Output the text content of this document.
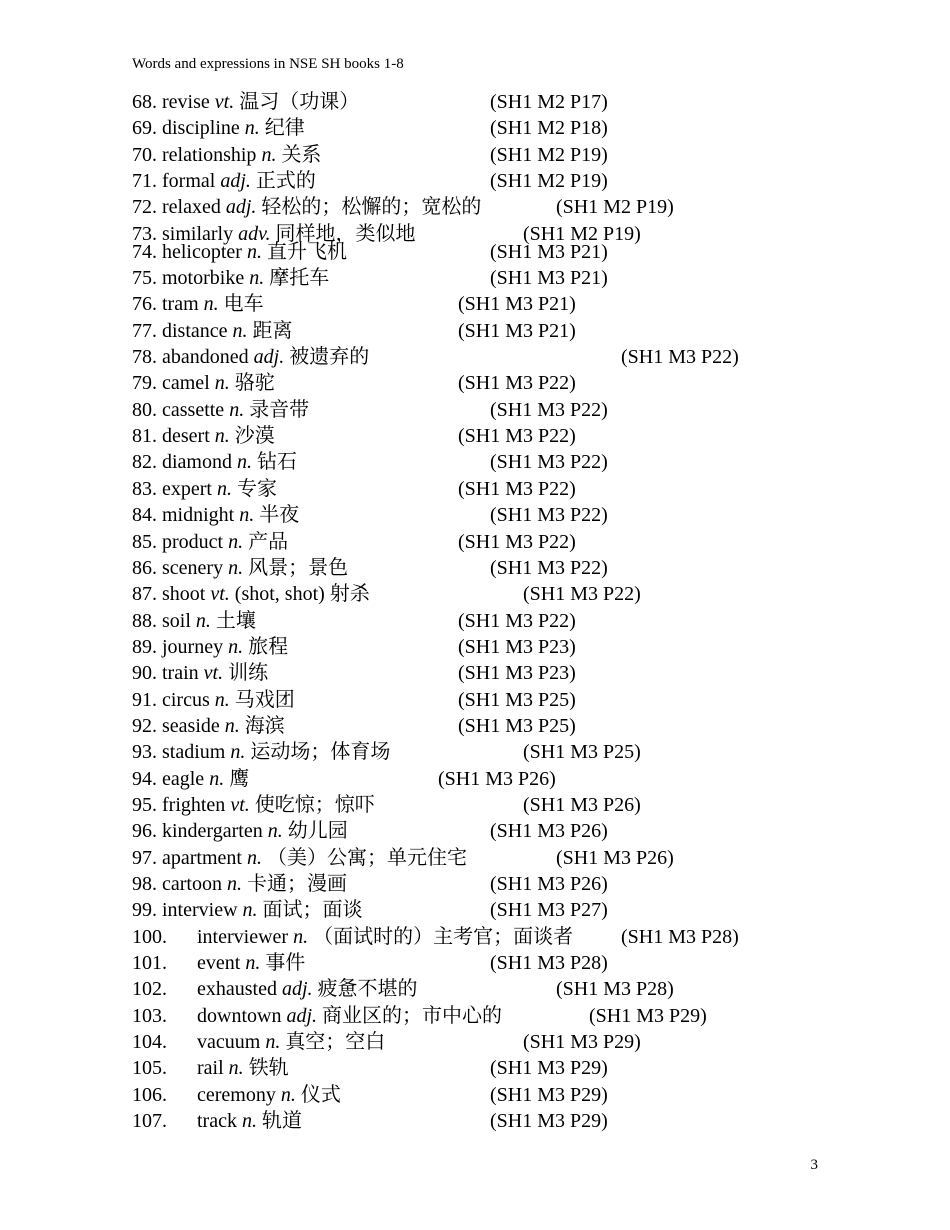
Words and expressions in NSE SH books 1-8
68. revise vt. 温习（功课）	(SH1 M2 P17)
69. discipline n. 纪律	(SH1 M2 P18)
70. relationship n. 关系	(SH1 M2 P19)
71. formal adj. 正式的	(SH1 M2 P19)
72. relaxed adj. 轻松的；松懈的；宽松的	(SH1 M2 P19)
73. similarly adv. 同样地，类似地	(SH1 M2 P19)
74. helicopter n. 直升飞机	(SH1 M3 P21)
75. motorbike n. 摩托车	(SH1 M3 P21)
76. tram n. 电车	(SH1 M3 P21)
77. distance n. 距离	(SH1 M3 P21)
78. abandoned adj. 被遗弃的	(SH1 M3 P22)
79. camel n. 骆驼	(SH1 M3 P22)
80. cassette n. 录音带	(SH1 M3 P22)
81. desert n. 沙漠	(SH1 M3 P22)
82. diamond n. 钻石	(SH1 M3 P22)
83. expert n. 专家	(SH1 M3 P22)
84. midnight n. 半夜	(SH1 M3 P22)
85. product n. 产品	(SH1 M3 P22)
86. scenery n. 风景；景色	(SH1 M3 P22)
87. shoot vt. (shot, shot) 射杀	(SH1 M3 P22)
88. soil n. 土壤	(SH1 M3 P22)
89. journey n. 旅程	(SH1 M3 P23)
90. train vt. 训练	(SH1 M3 P23)
91. circus n. 马戏团	(SH1 M3 P25)
92. seaside n. 海滨	(SH1 M3 P25)
93. stadium n. 运动场；体育场	(SH1 M3 P25)
94. eagle n. 鹰	(SH1 M3 P26)
95. frighten vt. 使吃惊；惊吓	(SH1 M3 P26)
96. kindergarten n. 幼儿园	(SH1 M3 P26)
97. apartment n. （美）公寓；单元住宅	(SH1 M3 P26)
98. cartoon n. 卡通；漫画	(SH1 M3 P26)
99. interview n. 面试；面谈	(SH1 M3 P27)
100. interviewer n. （面试时的）主考官；面谈者 (SH1 M3 P28)
101. event n. 事件	(SH1 M3 P28)
102. exhausted adj. 疲惫不堪的	(SH1 M3 P28)
103. downtown adj. 商业区的；市中心的	(SH1 M3 P29)
104. vacuum n. 真空；空白	(SH1 M3 P29)
105. rail n. 铁轨	(SH1 M3 P29)
106. ceremony n. 仪式	(SH1 M3 P29)
107. track n. 轨道	(SH1 M3 P29)
3
